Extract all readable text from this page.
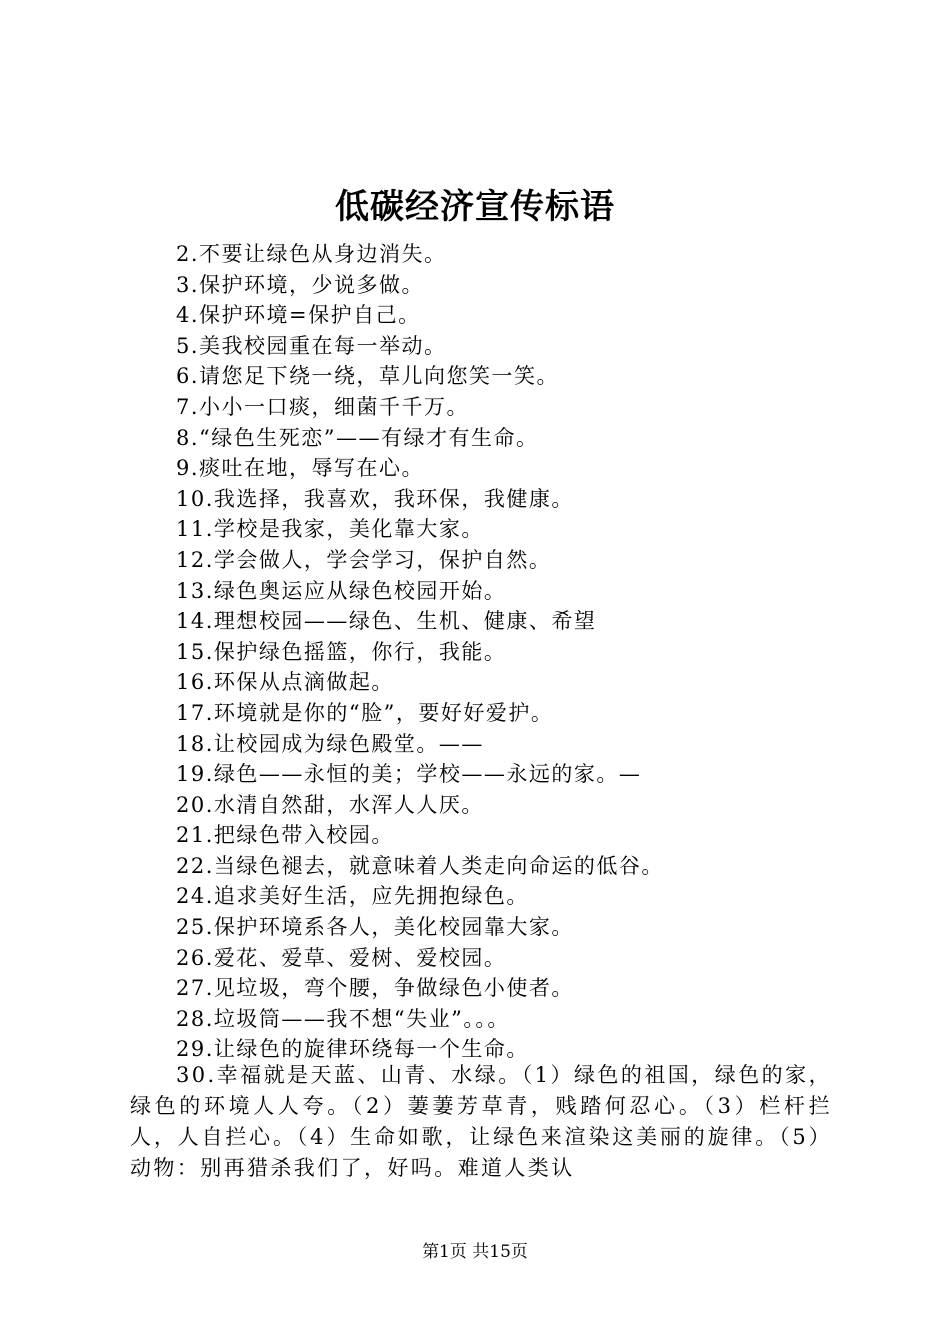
低碳经济宣传标语
2.不要让绿色从身边消失。
3.保护环境，少说多做。
4.保护环境=保护自己。
5.美我校园重在每一举动。
6.请您足下绕一绕，草儿向您笑一笑。
7.小小一口痰，细菌千千万。
8.“绿色生死恋”——有绿才有生命。
9.痰吐在地，辱写在心。
10.我选择，我喜欢，我环保，我健康。
11.学校是我家，美化靠大家。
12.学会做人，学会学习，保护自然。
13.绿色奥运应从绿色校园开始。
14.理想校园——绿色、生机、健康、希望
15.保护绿色摇篮，你行，我能。
16.环保从点滴做起。
17.环境就是你的“脸”，要好好爱护。
18.让校园成为绿色殿堂。——
19.绿色——永恒的美；学校——永远的家。—
20.水清自然甜，水浑人人厌。
21.把绿色带入校园。
22.当绿色褪去，就意味着人类走向命运的低谷。
24.追求美好生活，应先拥抱绿色。
25.保护环境系各人，美化校园靠大家。
26.爱花、爱草、爱树、爱校园。
27.见垃圾，弯个腰，争做绿色小使者。
28.垃圾筒——我不想“失业”。。。
29.让绿色的旋律环绕每一个生命。

30.幸福就是天蓝、山青、水绿。（1）绿色的祖国，绿色的家，绿色的环境人人夸。（2）萋萋芳草青，贱踏何忍心。（3）栏杆拦人，人自拦心。（4）生命如歌，让绿色来渲染这美丽的旋律。（5）动物：别再猎杀我们了，好吗。难道人类认

第1页 共15页
